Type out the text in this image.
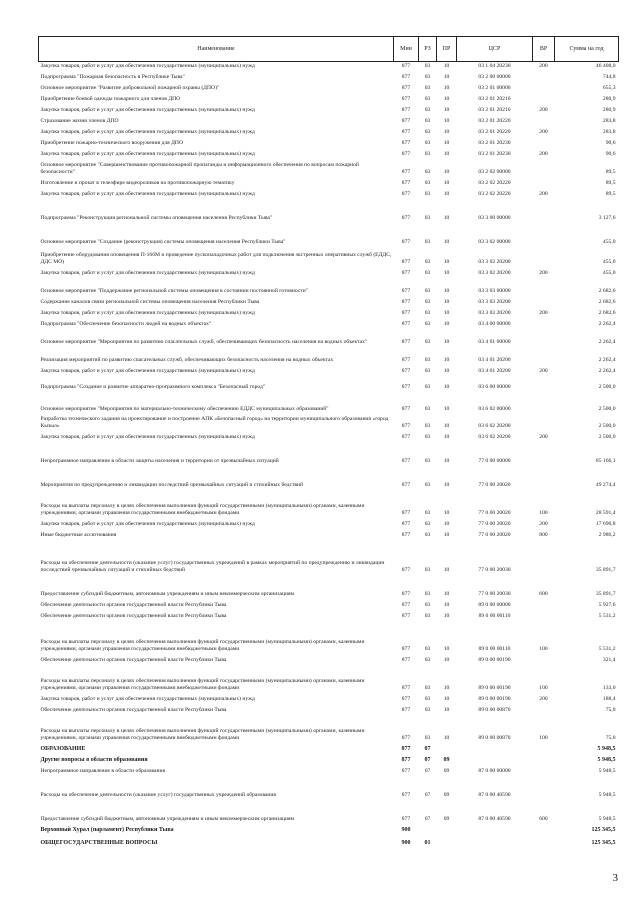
Наименование	Мин	РЗ	ПР	ЦСР	ВР	Сумма на год
Закупка товаров, работ и услуг для обеспечения государственных (муниципальных) нужд	877	03	10	03 1 04 20230	200	46 408,0
Подпрограмма "Пожарная безопасность в Республике Тыва"	877	03	10	03 2 00 00000		744,8
Основное мероприятие "Развитие добровольной пожарной охраны (ДПО)"	877	03	10	03 2 01 00000		655,3
Приобретение боевой одежды пожарного для членов ДПО	877	03	10	03 2 01 20210		280,9
Закупка товаров, работ и услуг для обеспечения государственных (муниципальных) нужд	877	03	10	03 2 01 20210	200	280,9
Страхование жизни членов ДПО	877	03	10	03 2 01 20220		283,8
Закупка товаров, работ и услуг для обеспечения государственных (муниципальных) нужд	877	03	10	03 2 01 20220	200	283,8
Приобретение пожарно-технического вооружения для ДПО	877	03	10	03 2 01 20230		90,6
Закупка товаров, работ и услуг для обеспечения государственных (муниципальных) нужд	877	03	10	03 2 01 20230	200	90,6
Основное мероприятие "Совершенствование противопожарной пропаганды и информационного обеспечения по вопросам пожарной безопасности"	877	03	10	03 2 02 00000		89,5
Изготовление и прокат в телеэфире видеороликов на противопожарную тематику	877	03	10	03 2 02 20220		89,5
Закупка товаров, работ и услуг для обеспечения государственных (муниципальных) нужд	877	03	10	03 2 02 20220	200	89,5
Подпрограмма "Реконструкция региональной системы оповещения населения Республики Тыва"	877	03	10	03 3 00 00000		3 127,6
Основное мероприятие "Создание (реконструкция) системы оповещения населения Республики Тыва"	877	03	10	03 3 02 00000		455,0
Приобретение оборудования оповещения П-166М и проведение пусконаладочных работ для подключения экстренных оперативных служб (ЕДДС, ДДС МО)	877	03	10	03 3 02 20200		455,0
Закупка товаров, работ и услуг для обеспечения государственных (муниципальных) нужд	877	03	10	03 3 02 20200	200	455,0
Основное мероприятие "Поддержание региональной системы оповещения в состоянии постоянной готовности"	877	03	10	03 3 03 00000		2 682,6
Содержание каналов связи региональной системы оповещения населения Республики Тыва	877	03	10	03 3 03 20200		2 682,6
Закупка товаров, работ и услуг для обеспечения государственных (муниципальных) нужд	877	03	10	03 3 03 20200	200	2 682,6
Подпрограмма "Обеспечение безопасности людей на водных объектах"	877	03	10	03 4 00 00000		2 262,4
Основное мероприятие "Мероприятия по развитию спасательных служб, обеспечивающих безопасность населения на водных объектах"	877	03	10	03 4 01 00000		2 262,4
Реализация мероприятий по развитию спасательных служб, обеспечивающих безопасность населения на водных объектах	877	03	10	03 4 01 20200		2 262,4
Закупка товаров, работ и услуг для обеспечения государственных (муниципальных) нужд	877	03	10	03 4 01 20200	200	2 262,4
Подпрограмма "Создание и развитие аппаратно-программного комплекса "Безопасный город"	877	03	10	03 6 00 00000		2 500,0
Основное мероприятие "Мероприятия по материально-техническому обеспечению ЕДДС муниципальных образований"	877	03	10	03 6 02 00000		2 500,0
Разработка технического задания на проектирование и построение АПК «Безопасный город» на территории муниципального образования «город Кызыл»	877	03	10	03 6 02 20200		2 500,0
Закупка товаров, работ и услуг для обеспечения государственных (муниципальных) нужд	877	03	10	03 6 02 20200	200	2 500,0
Непрограммное направление в области защиты населения и территории от чрезвычайных ситуаций	877	03	10	77 0 00 00000		85 166,1
Мероприятия по предупреждению и ликвидации последствий чрезвычайных ситуаций и стихийных бедствий	877	03	10	77 0 00 20020		49 274,4
Расходы на выплаты персоналу в целях обеспечения выполнения функций государственными (муниципальными) органами, казенными учреждениями, органами управления государственными внебюджетными фондами	877	03	10	77 0 00 20020	100	28 591,4
Закупка товаров, работ и услуг для обеспечения государственных (муниципальных) нужд	877	03	10	77 0 00 20020	200	17 696,8
Иные бюджетные ассигнования	877	03	10	77 0 00 20020	800	2 986,2
Расходы на обеспечение деятельности (оказание услуг) государственных учреждений в рамках мероприятий по предупреждению и ликвидации последствий чрезвычайных ситуаций и стихийных бедствий	877	03	10	77 0 00 20030		35 891,7
Предоставление субсидий бюджетным, автономным учреждениям и иным некоммерческим организациям	877	03	10	77 0 00 20030	600	35 891,7
Обеспечение деятельности органов государственной власти Республики Тыва	877	03	10	89 0 00 00000		5 927,6
Обеспечение деятельности органов государственной власти Республики Тыва	877	03	10	89 0 00 00110		5 531,2
Расходы на выплаты персоналу в целях обеспечения выполнения функций государственными (муниципальными) органами, казенными учреждениями, органами управления государственными внебюджетными фондами	877	03	10	89 0 00 00110	100	5 531,2
Обеспечение деятельности органов государственной власти Республики Тыва	877	03	10	89 0 00 00190		321,4
Расходы на выплаты персоналу в целях обеспечения выполнения функций государственными (муниципальными) органами, казенными учреждениями, органами управления государственными внебюджетными фондами	877	03	10	89 0 00 00190	100	133,0
Закупка товаров, работ и услуг для обеспечения государственных (муниципальных) нужд	877	03	10	89 0 00 00190	200	188,4
Обеспечение деятельности органов государственной власти Республики Тыва	877	03	10	89 0 00 00870		75,0
Расходы на выплаты персоналу в целях обеспечения выполнения функций государственными (муниципальными) органами, казенными учреждениями, органами управления государственными внебюджетными фондами	877	03	10	89 0 00 00870	100	75,0
ОБРАЗОВАНИЕ	877	07				5 948,5
Другие вопросы в области образования	877	07	09			5 948,5
Непрограммное направление в области образования	877	07	09	87 0 00 00000		5 948,5
Расходы на обеспечение деятельности (оказание услуг) государственных учреждений образования	877	07	09	87 0 00 40590		5 948,5
Предоставление субсидий бюджетным, автономным учреждениям и иным некоммерческим организациям	877	07	09	87 0 00 40590	600	5 948,5
Верховный Хурал (парламент) Республики Тыва	900					125 345,5
ОБЩЕГОСУДАРСТВЕННЫЕ ВОПРОСЫ	900	01				125 345,5
3
